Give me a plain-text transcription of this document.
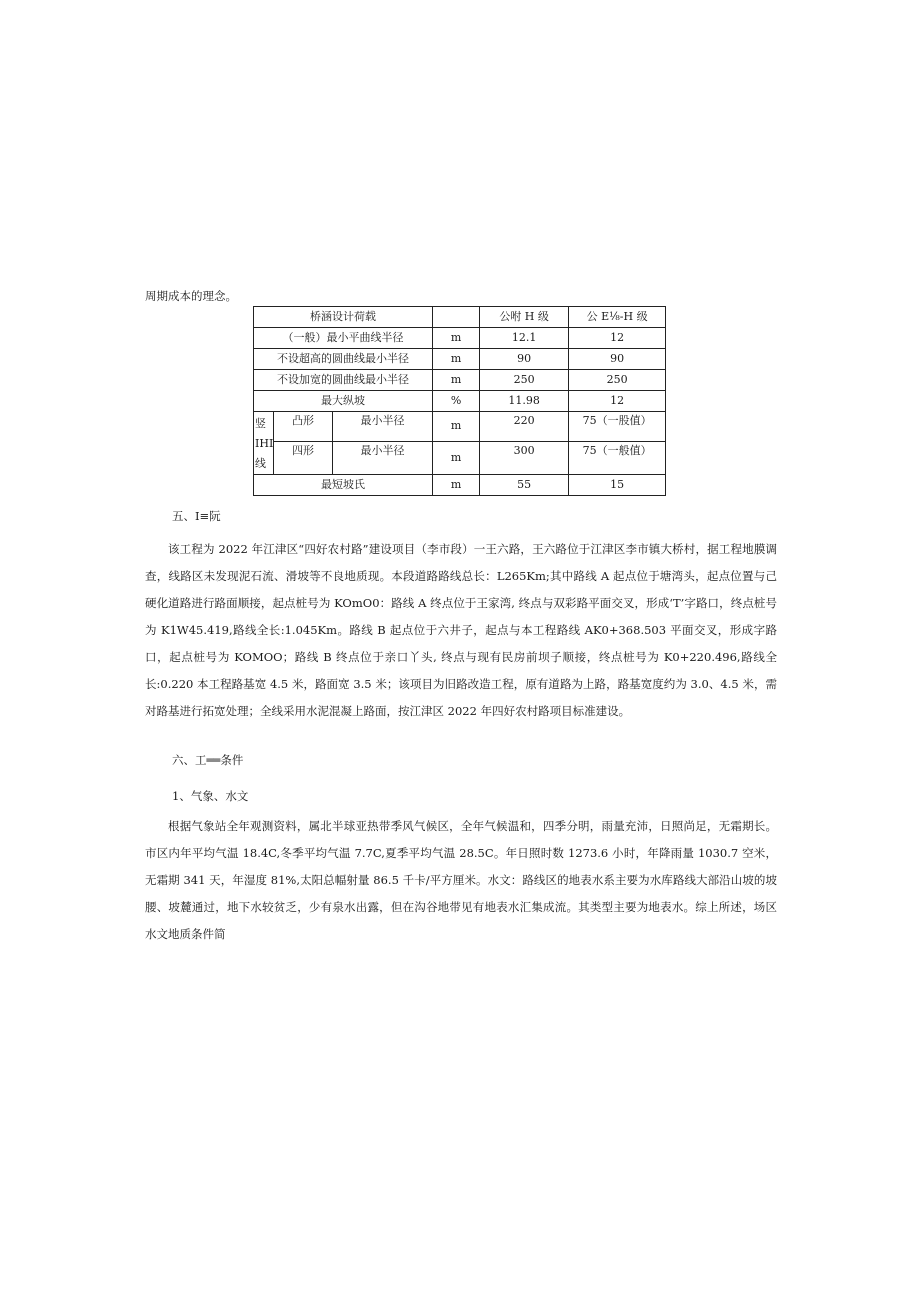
周期成本的理念。
桥涵设计荷载				公咐 H 级	公 E⅛-H 级
（一般）最小平曲线半径			m	12.1	12
不设超高的圆曲线最小半径			m	90	90
不设加宽的圆曲线最小半径			m	250	250
最大纵坡			%	11.98	12
竖
IHI
线	凸形	最小半径	m	220	75（一股值）
	四形	最小半径	m	300	75（一般值）
最短坡氏			m	55	15
五、I≡阮
该工程为 2022 年江津区“四好农村路”建设项目（李市段）一王六路，王六路位于江津区李市镇大桥村，据工程地膜调查，线路区未发现泥石流、滑坡等不良地质现。本段道路路线总长：L265Km;其中路线 A 起点位于塘湾头，起点位置与己硬化道路进行路面顺接，起点桩号为 KOmO0：路线 A 终点位于王家湾, 终点与双彩路平面交叉，形成‘T’字路口，终点桩号为 K1W45.419,路线全长:1.045Km。路线 B 起点位于六井子，起点与本工程路线 AK0+368.503 平面交叉，形成字路口，起点桩号为 KOMOO；路线 B 终点位于亲口丫头, 终点与现有民房前坝子顺接，终点桩号为 K0+220.496,路线全长:0.220 本工程路基宽 4.5 米，路面宽 3.5 米；该项目为旧路改造工程，原有道路为上路，路基宽度约为 3.0、4.5 米，需对路基进行拓宽处理；全线采用水泥混凝上路面，按江津区 2022 年四好农村路项目标准建设。
六、工══条件
1、气象、水文
根据气象站全年观测资料，属北半球亚热带季风气候区，全年气候温和，四季分明，雨量充沛，日照尚足，无霜期长。市区内年平均气温 18.4C,冬季平均气温 7.7C,夏季平均气温 28.5C。年日照时数 1273.6 小时，年降雨量 1030.7 空米，无霜期 341 天，年湿度 81%,太阳总幅射量 86.5 千卡/平方厘米。水文：路线区的地表水系主要为水库路线大部沿山坡的坡腰、坡麓通过，地下水较贫乏，少有泉水出露，但在沟谷地带见有地表水汇集成流。其类型主要为地表水。综上所述，场区水文地质条件简
